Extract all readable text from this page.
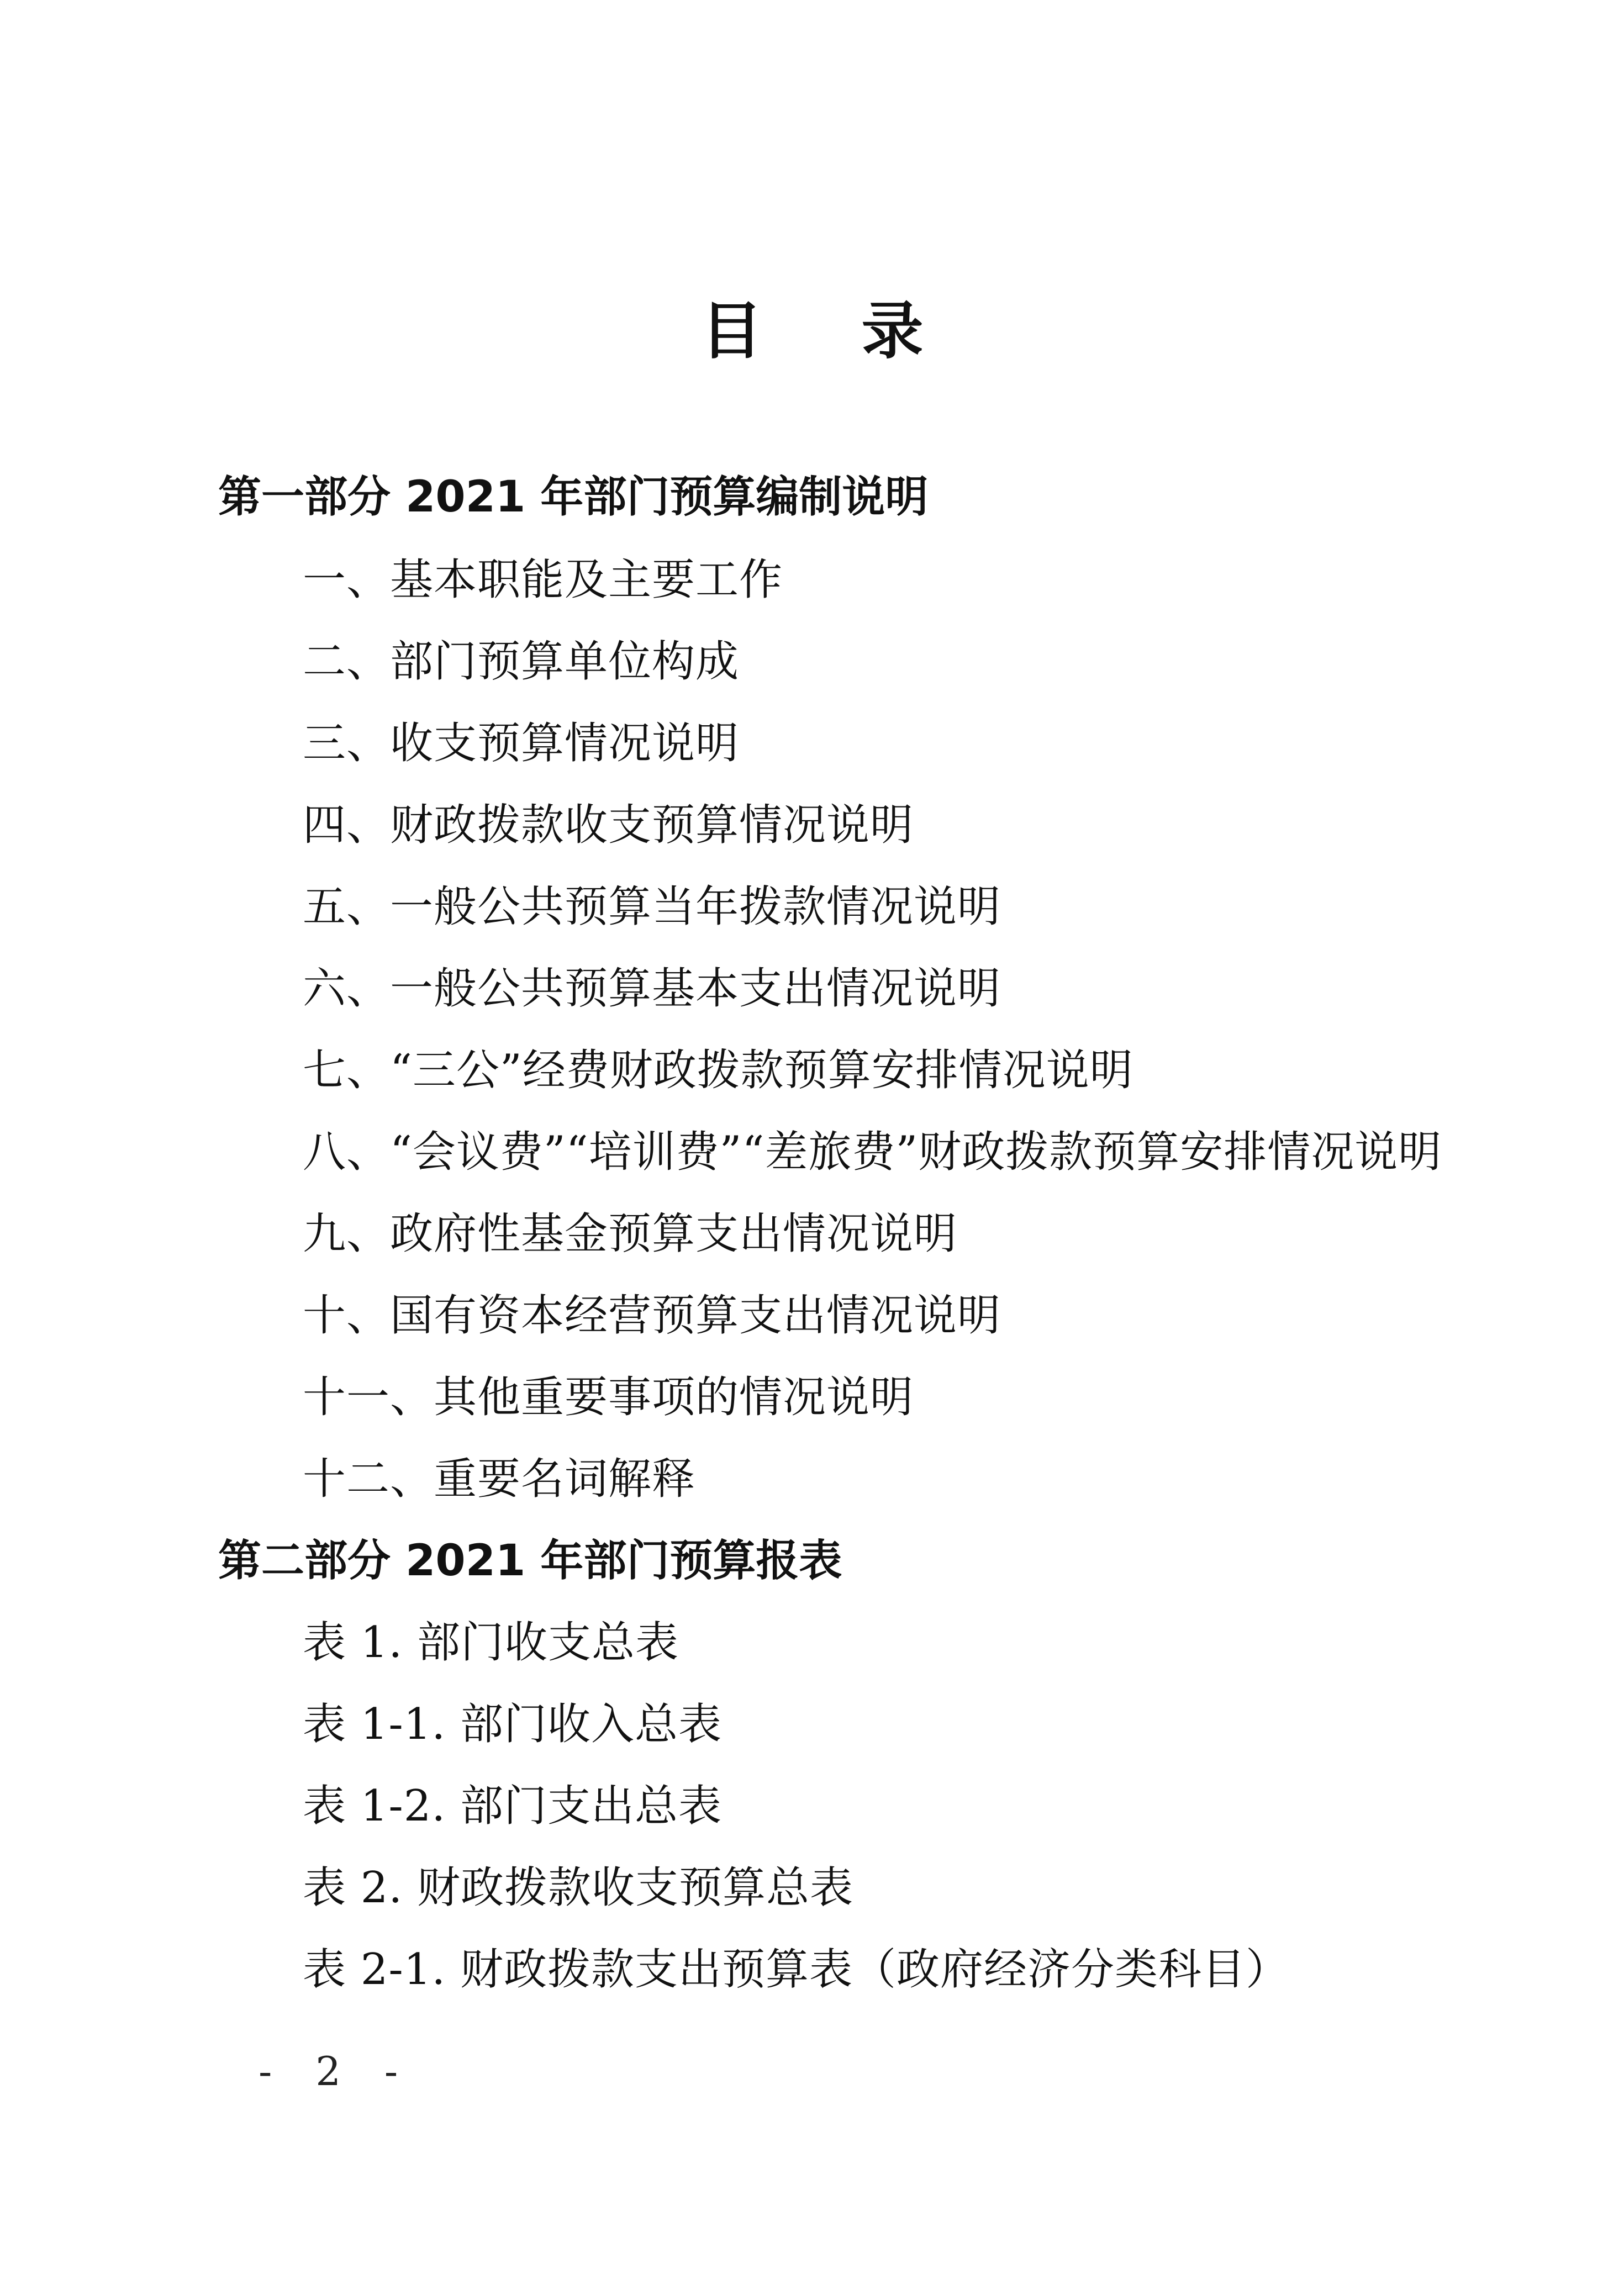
目 录
第一部分 2021 年部门预算编制说明
一、基本职能及主要工作
二、部门预算单位构成
三、收支预算情况说明
四、财政拨款收支预算情况说明
五、一般公共预算当年拨款情况说明
六、一般公共预算基本支出情况说明
七、“三公”经费财政拨款预算安排情况说明
八、“会议费”“培训费”“差旅费”财政拨款预算安排情况说明
九、政府性基金预算支出情况说明
十、国有资本经营预算支出情况说明
十一、其他重要事项的情况说明
十二、重要名词解释
第二部分 2021 年部门预算报表
表 1. 部门收支总表
表 1-1. 部门收入总表
表 1-2. 部门支出总表
表 2. 财政拨款收支预算总表
表 2-1. 财政拨款支出预算表（政府经济分类科目）
- 2 -
